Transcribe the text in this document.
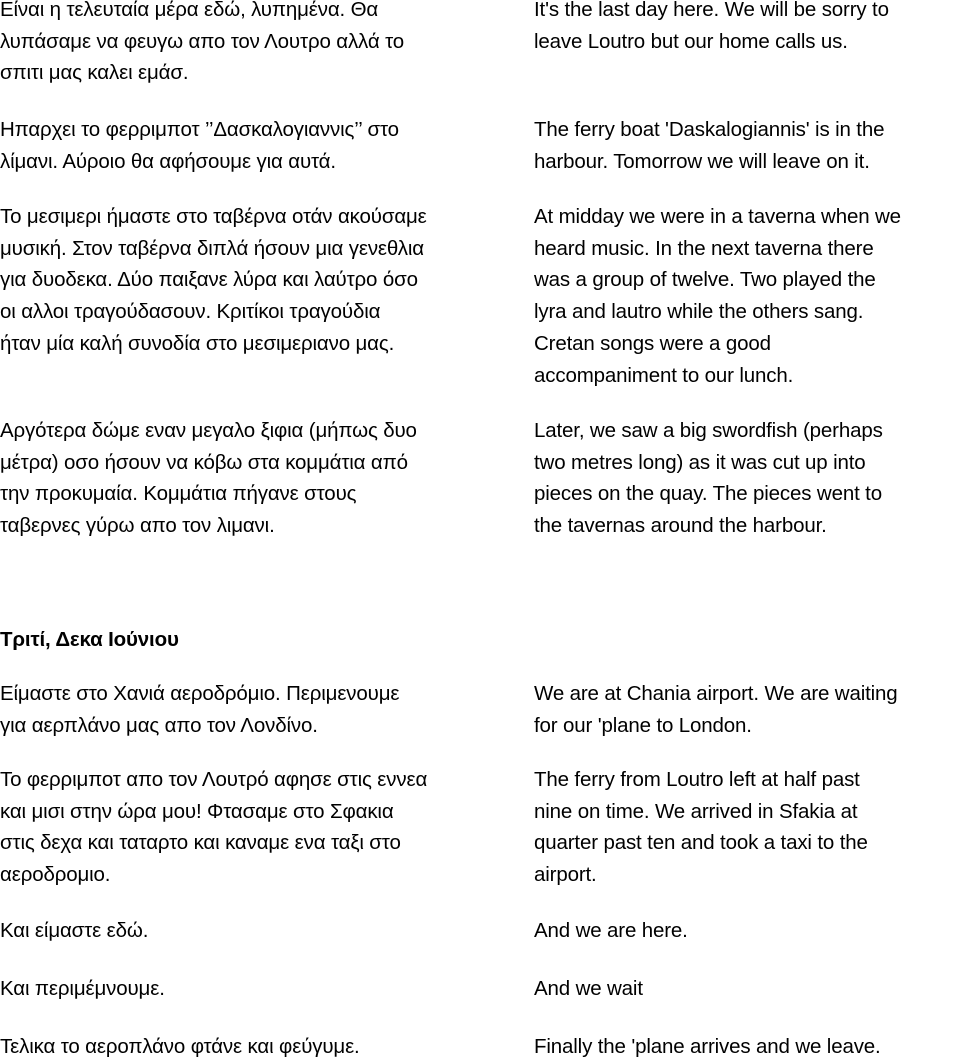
Είναι η τελευταία μέρα εδώ, λυπημένα. Θα
λυπάσαμε να φευγω απο τον Λουτρο αλλά το
σπιτι μας καλει εμάσ.

Ηπαρχει το φερριμποτ ’’Δασκαλογιαννις’’ στο
λίμανι. Αύροιο θα αφήσουμε για αυτά.

Το μεσιμερι ήμαστε στο ταβέρνα οτάν ακούσαμε
μυσική. Στον ταβέρνα διπλά ήσουν μια γενεθλια
για δυοδεκα. Δύο παιξανε λύρα και λαύτρο όσο
οι αλλοι τραγούδασουν. Κριτίκοι τραγούδια
ήταν μία καλή συνοδία στο μεσιμεριανο μας.

Αργότερα δώμε εναν μεγαλο ξιφια (μήπως δυο
μέτρα) οσο ήσουν να κόβω στα κομμάτια από
την προκυμαία. Κομμάτια πήγανε στους
ταβερνες γύρω απο τον λιμανι.

It's the last day here. We will be sorry to
leave Loutro but our home calls us.

The ferry boat 'Daskalogiannis' is in the
harbour. Tomorrow we will leave on it.

At midday we were in a taverna when we
heard music. In the next taverna there
was a group of twelve. Two played the
lyra and lautro while the others sang.
Cretan songs were a good
accompaniment to our lunch.

Later, we saw a big swordfish (perhaps
two metres long) as it was cut up into
pieces on the quay. The pieces went to
the tavernas around the harbour.

Τριτί, Δεκα Ιούνιου

Είμαστε στο Χανιά αεροδρόμιο. Περιμενουμε
για αερπλάνο μας απο τον Λονδίνο.

Το φερριμποτ απο τον Λουτρό αφησε στις εννεα
και μισι στην ώρα μου! Φτασαμε στο Σφακια
στις δεχα και ταταρτο και καναμε ενα ταξι στο
αεροδρομιο.

Και είμαστε εδώ.

Και περιμέμνουμε.

Τελικα το αεροπλάνο φτάνε και φεύγυμε.

We are at Chania airport. We are waiting
for our 'plane to London.

The ferry from Loutro left at half past
nine on time. We arrived in Sfakia at
quarter past ten and took a taxi to the
airport.

And we are here.

And we wait

Finally the 'plane arrives and we leave.
